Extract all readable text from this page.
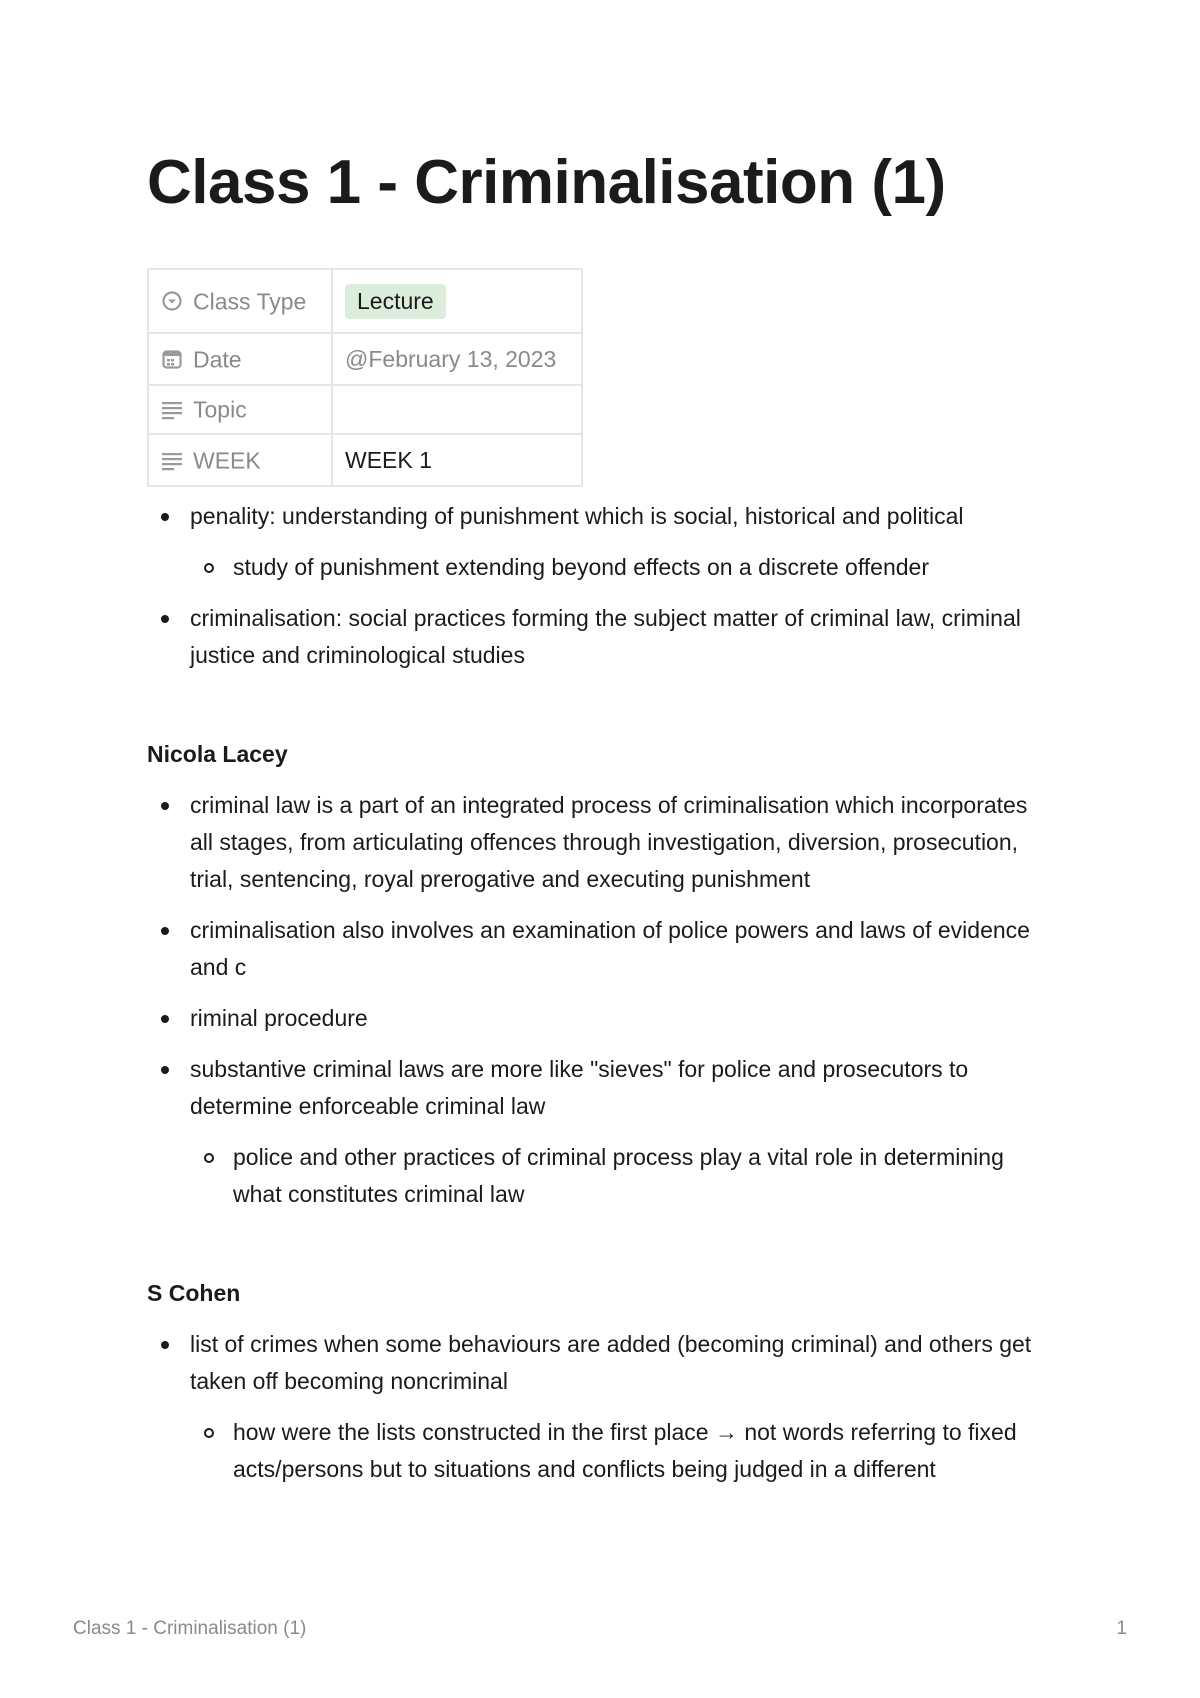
Class 1 - Criminalisation (1)
Class Type	Lecture
Date	@February 13, 2023
Topic	
WEEK	WEEK 1
penality: understanding of punishment which is social, historical and political
study of punishment extending beyond effects on a discrete offender
criminalisation: social practices forming the subject matter of criminal law, criminal justice and criminological studies
Nicola Lacey
criminal law is a part of an integrated process of criminalisation which incorporates all stages, from articulating offences through investigation, diversion, prosecution, trial, sentencing, royal prerogative and executing punishment
criminalisation also involves an examination of police powers and laws of evidence and c
riminal procedure
substantive criminal laws are more like "sieves" for police and prosecutors to determine enforceable criminal law
police and other practices of criminal process play a vital role in determining what constitutes criminal law
S Cohen
list of crimes when some behaviours are added (becoming criminal) and others get taken off becoming noncriminal
how were the lists constructed in the first place → not words referring to fixed acts/persons but to situations and conflicts being judged in a different
Class 1 - Criminalisation (1)	1
